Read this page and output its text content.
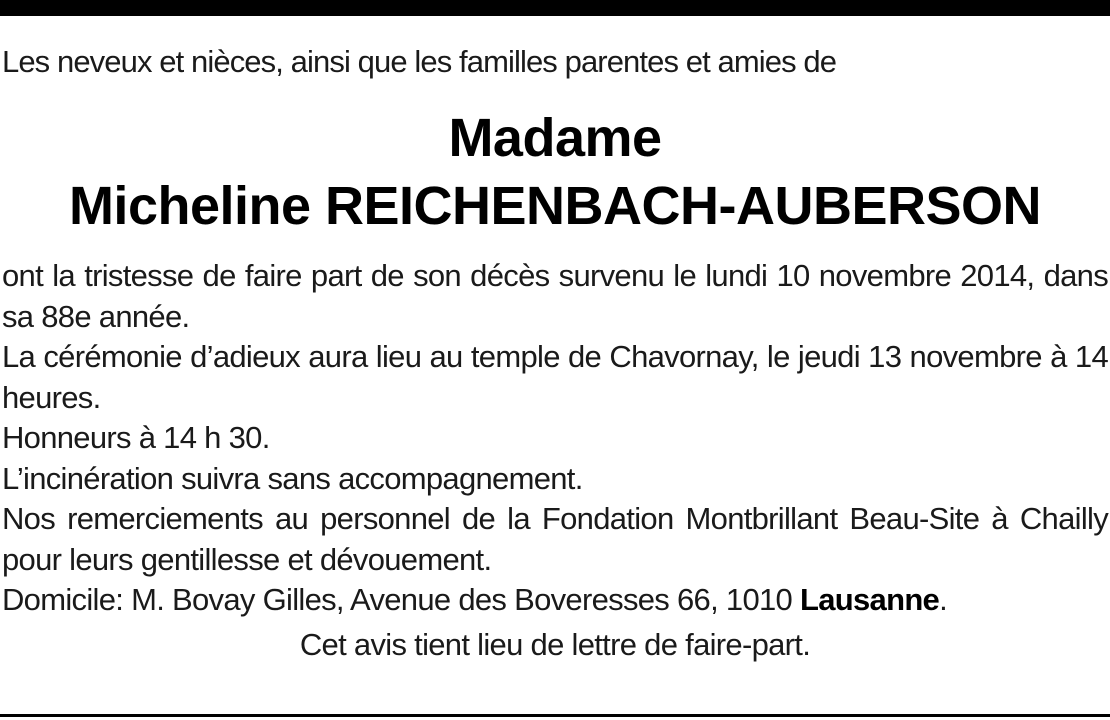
Les neveux et nièces, ainsi que les familles parentes et amies de

Madame
Micheline REICHENBACH-AUBERSON
ont la tristesse de faire part de son décès survenu le lundi 10 novembre 2014, dans sa 88e année.
La cérémonie d’adieux aura lieu au temple de Chavornay, le jeudi 13 novembre à 14 heures.
Honneurs à 14 h 30.
L’incinération suivra sans accompagnement.
Nos remerciements au personnel de la Fondation Montbrillant Beau-Site à Chailly pour leurs gentillesse et dévouement.
Domicile: M. Bovay Gilles, Avenue des Boveresses 66, 1010 Lausanne.
Cet avis tient lieu de lettre de faire-part.
